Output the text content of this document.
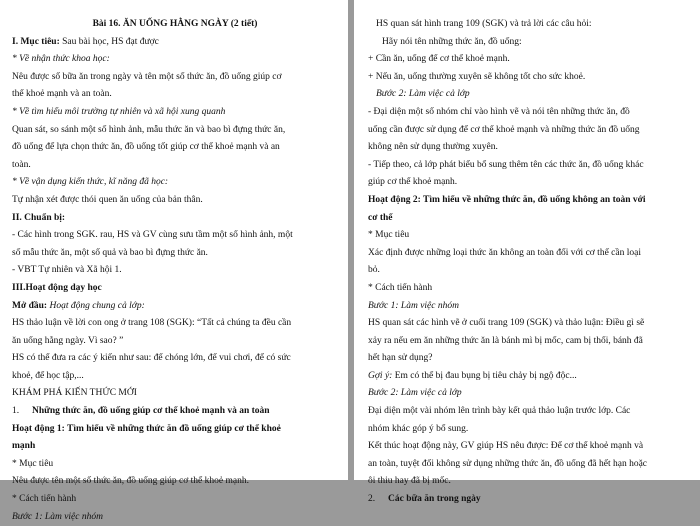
Bài 16. ĂN UỐNG HẰNG NGÀY (2 tiết)
I. Mục tiêu: Sau bài học, HS đạt được
* Về nhận thức khoa học:
Nêu được số bữa ăn trong ngày và tên một số thức ăn, đồ uống giúp cơ
thể khoẻ mạnh và an toàn.
* Về tìm hiểu môi trường tự nhiên và xã hội xung quanh
Quan sát, so sánh một số hình ảnh, mẫu thức ăn và bao bì đựng thức ăn,
đồ uống để lựa chọn thức ăn, đồ uống tốt giúp cơ thể khoẻ mạnh và an
toàn.
* Về vận dụng kiến thức, kĩ năng đã học:
Tự nhận xét được thói quen ăn uống của bản thân.
II. Chuẩn bị:
- Các hình trong SGK. rau, HS và GV cùng sưu tầm một số hình ảnh, một
số mẫu thức ăn, một số quả và bao bì đựng thức ăn.
- VBT Tự nhiên và Xã hội 1.
III.Hoạt động dạy học
Mở đầu: Hoạt động chung cả lớp:
HS thảo luận về lời con ong ở trang 108 (SGK): “Tất cả chúng ta đều cần
ăn uống hằng ngày. Vì sao? ”
HS có thể đưa ra các ý kiến như sau: để chóng lớn, để vui chơi, để có sức
khoẻ, để học tập,...
KHÁM PHÁ KIẾN THỨC MỚI
1. Những thức ăn, đồ uống giúp cơ thể khoẻ mạnh và an toàn
Hoạt động 1: Tìm hiểu về những thức ăn đồ uống giúp cơ thể khoẻ
mạnh
* Mục tiêu
Nêu được tên một số thức ăn, đồ uống giúp cơ thể khoẻ mạnh.
* Cách tiến hành
Bước 1: Làm việc nhóm
HS quan sát hình trang 109 (SGK) và trả lời các câu hỏi:
Hãy nói tên những thức ăn, đồ uống:
+ Cần ăn, uống để cơ thể khoẻ mạnh.
+ Nếu ăn, uống thường xuyên sẽ không tốt cho sức khoẻ.
Bước 2: Làm việc cả lớp
- Đại diện một số nhóm chỉ vào hình vẽ và nói tên những thức ăn, đồ
uống cần được sử dụng để cơ thể khoẻ mạnh và những thức ăn đồ uống
không nên sử dụng thường xuyên.
- Tiếp theo, cả lớp phát biểu bổ sung thêm tên các thức ăn, đồ uống khác
giúp cơ thể khoẻ mạnh.
Hoạt động 2: Tìm hiểu về những thức ăn, đồ uống không an toàn với
cơ thể
* Mục tiêu
Xác định được những loại thức ăn không an toàn đối với cơ thể cần loại
bỏ.
* Cách tiến hành
Bước 1: Làm việc nhóm
HS quan sát các hình vẽ ở cuối trang 109 (SGK) và thảo luận: Điều gì sẽ
xảy ra nếu em ăn những thức ăn là bánh mì bị mốc, cam bị thối, bánh đã
hết hạn sử dụng?
Gợi ý: Em có thể bị đau bụng bị tiêu chảy bị ngộ độc...
Bước 2: Làm việc cả lớp
Đại diện một vài nhóm lên trình bày kết quả thảo luận trước lớp. Các
nhóm khác góp ý bổ sung.
Kết thúc hoạt động này, GV giúp HS nêu được: Để cơ thể khoẻ mạnh và
an toàn, tuyệt đối không sử dụng những thức ăn, đồ uống đã hết hạn hoặc
ôi thiu hay đã bị mốc.
2. Các bữa ăn trong ngày
